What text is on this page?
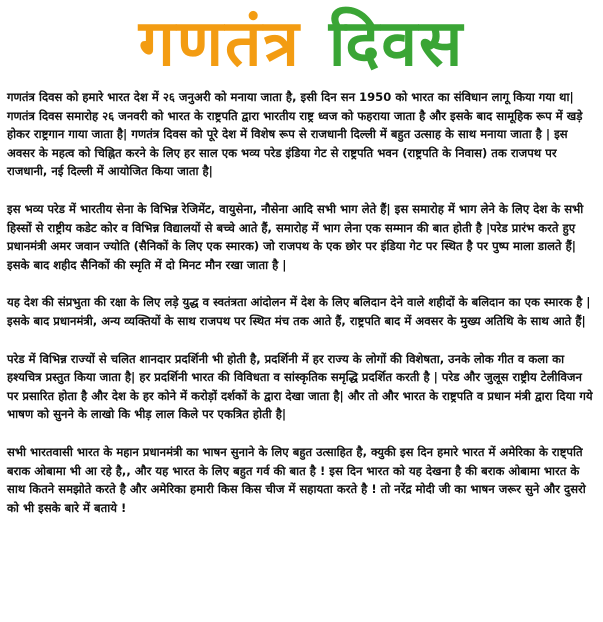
गणतंत्र दिवस

गणतंत्र दिवस को हमारे भारत देश में २६ जनुअरी को मनाया जाता है, इसी दिन सन 1950 को भारत का संविधान लागू किया गया था| गणतंत्र दिवस समारोह २६ जनवरी को भारत के राष्ट्रपति द्वारा भारतीय राष्ट्र ध्वज को फहराया जाता है और इसके बाद सामूहिक रूप में खड़े होकर राष्ट्रगान गाया जाता है| गणतंत्र दिवस को पूरे देश में विशेष रूप से राजधानी दिल्ली में बहुत उत्साह के साथ मनाया जाता है | इस अवसर के महत्व को चिह्नित करने के लिए हर साल एक भव्य परेड इंडिया गेट से राष्ट्रपति भवन (राष्ट्रपति के निवास) तक राजपथ पर राजधानी, नई दिल्ली में आयोजित किया जाता है|

इस भव्य परेड में भारतीय सेना के विभिन्न रेजिमेंट, वायुसेना, नौसेना आदि सभी भाग लेते हैं| इस समारोह में भाग लेने के लिए देश के सभी हिस्सों से राष्ट्रीय कडेट कोर व विभिन्न विद्यालयों से बच्चे आते हैं, समारोह में भाग लेना एक सम्मान की बात होती है |परेड प्रारंभ करते हुए प्रधानमंत्री अमर जवान ज्योति (सैनिकों के लिए एक स्मारक) जो राजपथ के एक छोर पर इंडिया गेट पर स्थित है पर पुष्प माला डालते हैं| इसके बाद शहीद सैनिकों की स्मृति में दो मिनट मौन रखा जाता है |

यह देश की संप्रभुता की रक्षा के लिए लड़े युद्ध व स्वतंत्रता आंदोलन में देश के लिए बलिदान देने वाले शहीदों के बलिदान का एक स्मारक है | इसके बाद प्रधानमंत्री, अन्य व्यक्तियों के साथ राजपथ पर स्थित मंच तक आते हैं, राष्ट्रपति बाद में अवसर के मुख्य अतिथि के साथ आते हैं|

परेड में विभिन्न राज्यों से चलित शानदार प्रदर्शिनी भी होती है, प्रदर्शिनी में हर राज्य के लोगों की विशेषता, उनके लोक गीत व कला का हश्यचित्र प्रस्तुत किया जाता है| हर प्रदर्शिनी भारत की विविधता व सांस्कृतिक समृद्धि प्रदर्शित करती है | परेड और जुलूस राष्ट्रीय टेलीविजन पर प्रसारित होता है और देश के हर कोने में करोड़ों दर्शकों के द्वारा देखा जाता है| और तो और भारत के राष्ट्रपति व प्रधान मंत्री द्वारा दिया गये भाषण को सुनने के लाखो कि भीड़ लाल किले पर एकत्रित होती है|

सभी भारतवासी भारत के महान प्रधानमंत्री का भाषन सुनाने के लिए बहुत उत्साहित है, क्युकी इस दिन हमारे भारत में अमेरिका के राष्ट्पति बराक ओबामा भी आ रहे है,, और यह भारत के लिए बहुत गर्व की बात है ! इस दिन भारत को यह देखना है की बराक ओबामा भारत के साथ कितने समझोते करते है और अमेरिका हमारी किस किस चीज में सहायता करते है ! तो नरेंद्र मोदी जी का भाषन जरूर सुने और दुसरो को भी इसके बारे में बताये !
